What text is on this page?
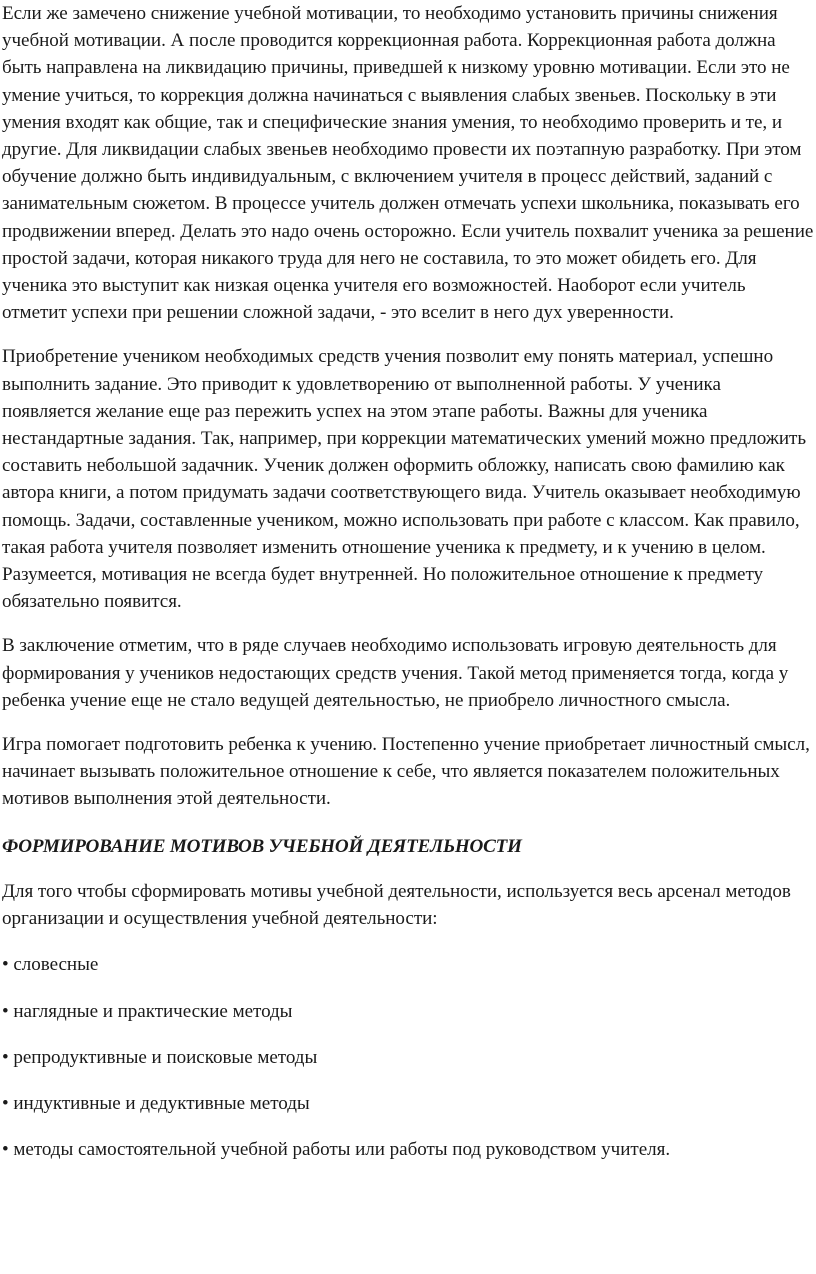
Если же замечено снижение учебной мотивации, то необходимо установить причины снижения учебной мотивации. А после проводится коррекционная работа. Коррекционная работа должна быть направлена на ликвидацию причины, приведшей к низкому уровню мотивации. Если это не умение учиться, то коррекция должна начинаться с выявления слабых звеньев. Поскольку в эти умения входят как общие, так и специфические знания умения, то необходимо проверить и те, и другие. Для ликвидации слабых звеньев необходимо провести их поэтапную разработку. При этом обучение должно быть индивидуальным, с включением учителя в процесс действий, заданий с занимательным сюжетом. В процессе учитель должен отмечать успехи школьника, показывать его продвижении вперед. Делать это надо очень осторожно. Если учитель похвалит ученика за решение простой задачи, которая никакого труда для него не составила, то это может обидеть его. Для ученика это выступит как низкая оценка учителя его возможностей. Наоборот если учитель отметит успехи при решении сложной задачи, - это вселит в него дух уверенности.

Приобретение учеником необходимых средств учения позволит ему понять материал, успешно выполнить задание. Это приводит к удовлетворению от выполненной работы. У ученика появляется желание еще раз пережить успех на этом этапе работы. Важны для ученика нестандартные задания. Так, например, при коррекции математических умений можно предложить составить небольшой задачник. Ученик должен оформить обложку, написать свою фамилию как автора книги, а потом придумать задачи соответствующего вида. Учитель оказывает необходимую помощь. Задачи, составленные учеником, можно использовать при работе с классом. Как правило, такая работа учителя позволяет изменить отношение ученика к предмету, и к учению в целом. Разумеется, мотивация не всегда будет внутренней. Но положительное отношение к предмету обязательно появится.

В заключение отметим, что в ряде случаев необходимо использовать игровую деятельность для формирования у учеников недостающих средств учения. Такой метод применяется тогда, когда у ребенка учение еще не стало ведущей деятельностью, не приобрело личностного смысла.

Игра помогает подготовить ребенка к учению. Постепенно учение приобретает личностный смысл, начинает вызывать положительное отношение к себе, что является показателем положительных мотивов выполнения этой деятельности.

ФОРМИРОВАНИЕ МОТИВОВ УЧЕБНОЙ ДЕЯТЕЛЬНОСТИ

Для того чтобы сформировать мотивы учебной деятельности, используется весь арсенал методов организации и осуществления учебной деятельности:

• словесные

• наглядные и практические методы

• репродуктивные и поисковые методы

• индуктивные и дедуктивные методы

• методы самостоятельной учебной работы или работы под руководством учителя.
